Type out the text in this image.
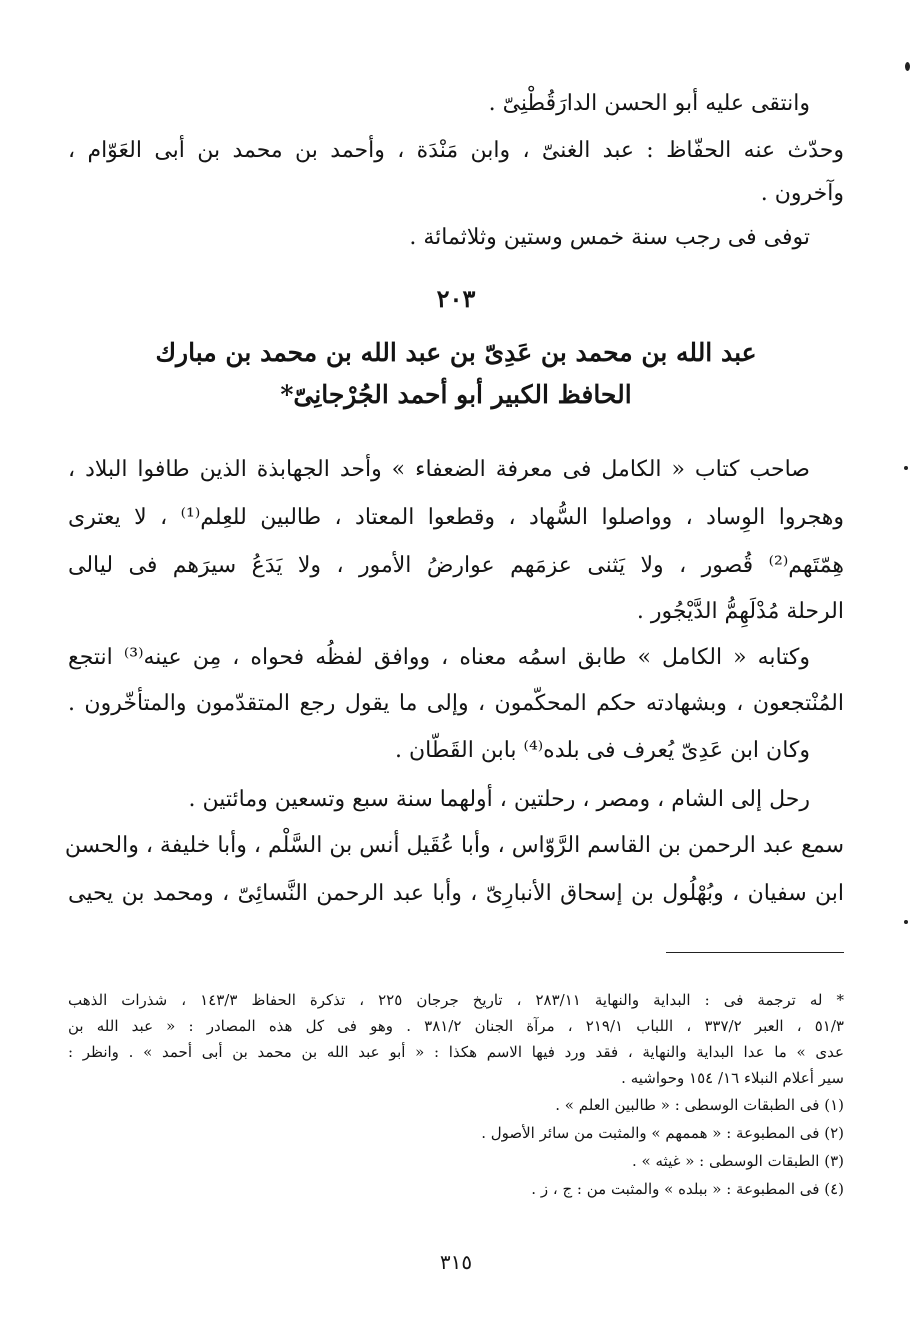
وانتقى عليه أبو الحسن الدارَقُطْنِىّ .
وحدّث عنه الحفّاظ : عبد الغنىّ ، وابن مَنْدَة ، وأحمد بن محمد بن أبى العَوّام ،
وآخرون .
توفى فى رجب سنة خمس وستين وثلاثمائة .
٢٠٣
عبد الله بن محمد بن عَدِىّ بن عبد الله بن محمد بن مبارك
الحافظ الكبير أبو أحمد الجُرْجانِىّ*
صاحب كتاب « الكامل فى معرفة الضعفاء » وأحد الجهابذة الذين طافوا البلاد ،
وهجروا الوِساد ، وواصلوا السُّهاد ، وقطعوا المعتاد ، طالبين للعِلم⁽¹⁾ ، لا يعترى
هِمّتَهم⁽²⁾ قُصور ، ولا يَثنى عزمَهم عوارضُ الأمور ، ولا يَدَعُ سيرَهم فى ليالى
الرحلة مُدْلَهِمُّ الدَّيْجُور .
وكتابه « الكامل » طابق اسمُه معناه ، ووافق لفظُه فحواه ، مِن عينه⁽³⁾ انتجع
المُنْتجعون ، وبشهادته حكم المحكّمون ، وإلى ما يقول رجع المتقدّمون والمتأخّرون .
وكان ابن عَدِىّ يُعرف فى بلده⁽⁴⁾ بابن القَطّان .
رحل إلى الشام ، ومصر ، رحلتين ، أولهما سنة سبع وتسعين ومائتين .
سمع عبد الرحمن بن القاسم الرَّوّاس ، وأبا عُقَيل أنس بن السَّلْم ، وأبا خليفة ، والحسن
ابن سفيان ، وبُهْلُول بن إسحاق الأنبارِىّ ، وأبا عبد الرحمن النَّسائِىّ ، ومحمد بن يحيى
* له ترجمة فى : البداية والنهاية ٢٨٣/١١ ، تاريخ جرجان ٢٢٥ ، تذكرة الحفاظ ١٤٣/٣ ، شذرات الذهب
٥١/٣ ، العبر ٣٣٧/٢ ، اللباب ٢١٩/١ ، مرآة الجنان ٣٨١/٢ . وهو فى كل هذه المصادر : « عبد الله بن
عدى » ما عدا البداية والنهاية ، فقد ورد فيها الاسم هكذا : « أبو عبد الله بن محمد بن أبى أحمد » . وانظر :
سير أعلام النبلاء ١٦/ ١٥٤ وحواشيه .
(١) فى الطبقات الوسطى : « طالبين العلم » .
(٢) فى المطبوعة : « هممهم » والمثبت من سائر الأصول .
(٣) الطبقات الوسطى : « غيثه » .
(٤) فى المطبوعة : « ببلده » والمثبت من : ج ، ز .
٣١٥
